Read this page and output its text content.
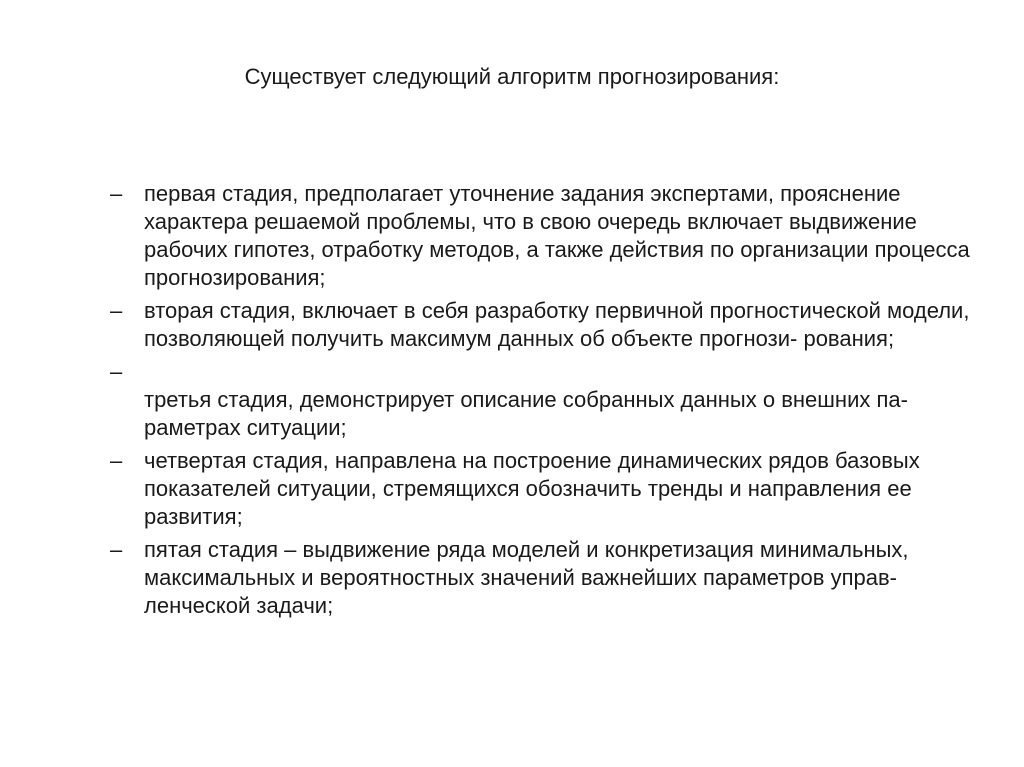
Существует следующий алгоритм прогнозирования:
– первая стадия, предполагает уточнение задания экспертами, прояснение характера решаемой проблемы, что в свою очередь включает выдвижение рабочих гипотез, отработку методов, а также действия по организации процесса прогнозирования;
– вторая стадия, включает в себя разработку первичной прогностической модели, позволяющей получить максимум данных об объекте прогнози- рования;
–
третья стадия, демонстрирует описание собранных данных о внешних па- раметрах ситуации;
– четвертая стадия, направлена на построение динамических рядов базовых показателей ситуации, стремящихся обозначить тренды и направления ее развития;
– пятая стадия – выдвижение ряда моделей и конкретизация минимальных, максимальных и вероятностных значений важнейших параметров управ- ленческой задачи;
